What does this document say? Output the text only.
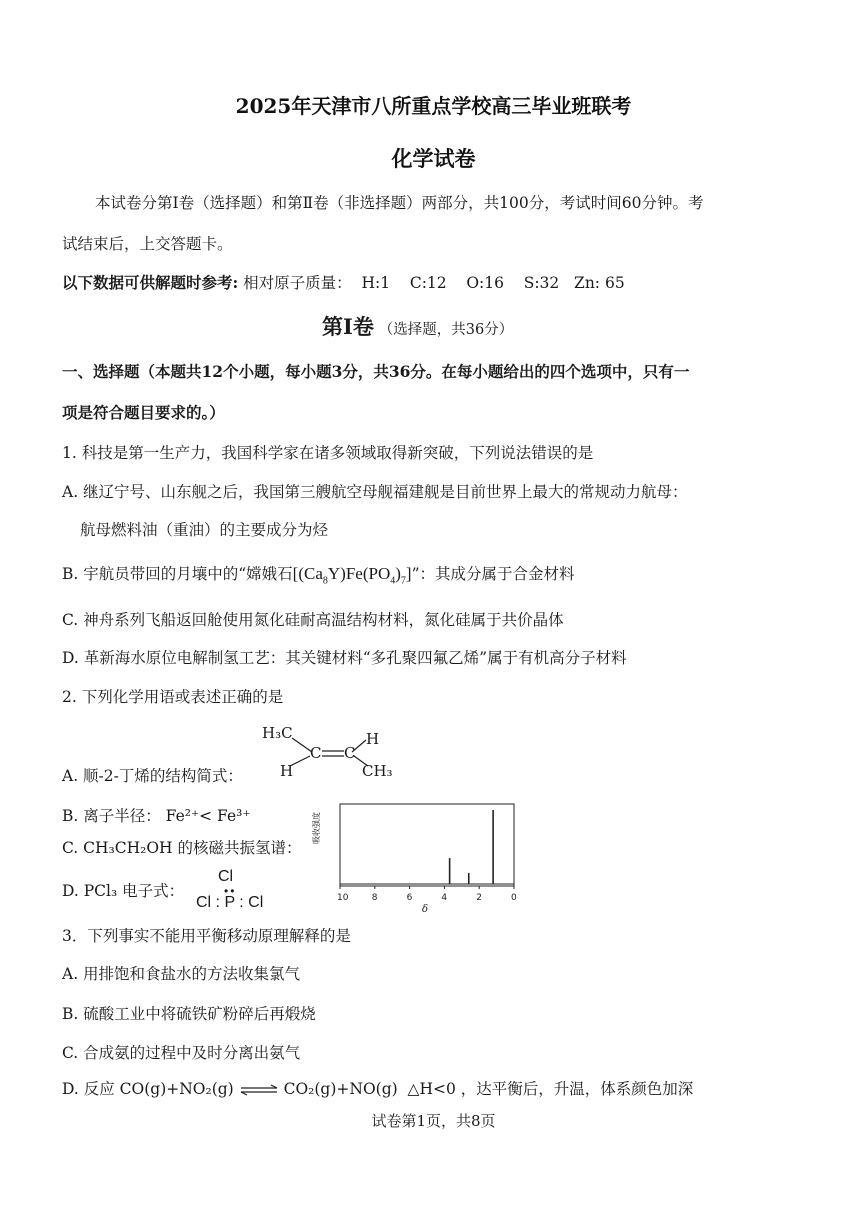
2025年天津市八所重点学校高三毕业班联考
化学试卷
本试卷分第Ⅰ卷（选择题）和第Ⅱ卷（非选择题）两部分，共100分，考试时间60分钟。考
试结束后，上交答题卡。
以下数据可供解题时参考: 相对原子质量：  H:1    C:12    O:16    S:32   Zn: 65
第Ⅰ卷 （选择题，共36分）
一、选择题（本题共12个小题，每小题3分，共36分。在每小题给出的四个选项中，只有一
项是符合题目要求的。）
1. 科技是第一生产力，我国科学家在诸多领域取得新突破，下列说法错误的是
A. 继辽宁号、山东舰之后，我国第三艘航空母舰福建舰是目前世界上最大的常规动力航母：
航母燃料油（重油）的主要成分为烃
B. 宇航员带回的月壤中的“嫦娥石$[(Ca_8Y)Fe(PO_4)_7]$”：其成分属于合金材料
C. 神舟系列飞船返回舱使用氮化硅耐高温结构材料，氮化硅属于共价晶体
D. 革新海水原位电解制氢工艺：其关键材料“多孔聚四氟乙烯”属于有机高分子材料
2. 下列化学用语或表述正确的是
H₃C	H
C C
H	CH₃
A. 顺-2-丁烯的结构简式：
B. 离子半径： Fe²⁺< Fe³⁺
C. CH₃CH₂OH 的核磁共振氢谱：
D. PCl₃ 电子式：
Cl
••
Cl : P : Cl	10	8	6	4	2	0
吸收强度
δ
3．下列事实不能用平衡移动原理解释的是
A. 用排饱和食盐水的方法收集氯气
B. 硫酸工业中将硫铁矿粉碎后再煅烧
C. 合成氨的过程中及时分离出氨气
D. 反应 CO(g)+NO₂(g) ⇌ CO₂(g)+NO(g)  △H<0 ，达平衡后，升温，体系颜色加深
试卷第1页，共8页
